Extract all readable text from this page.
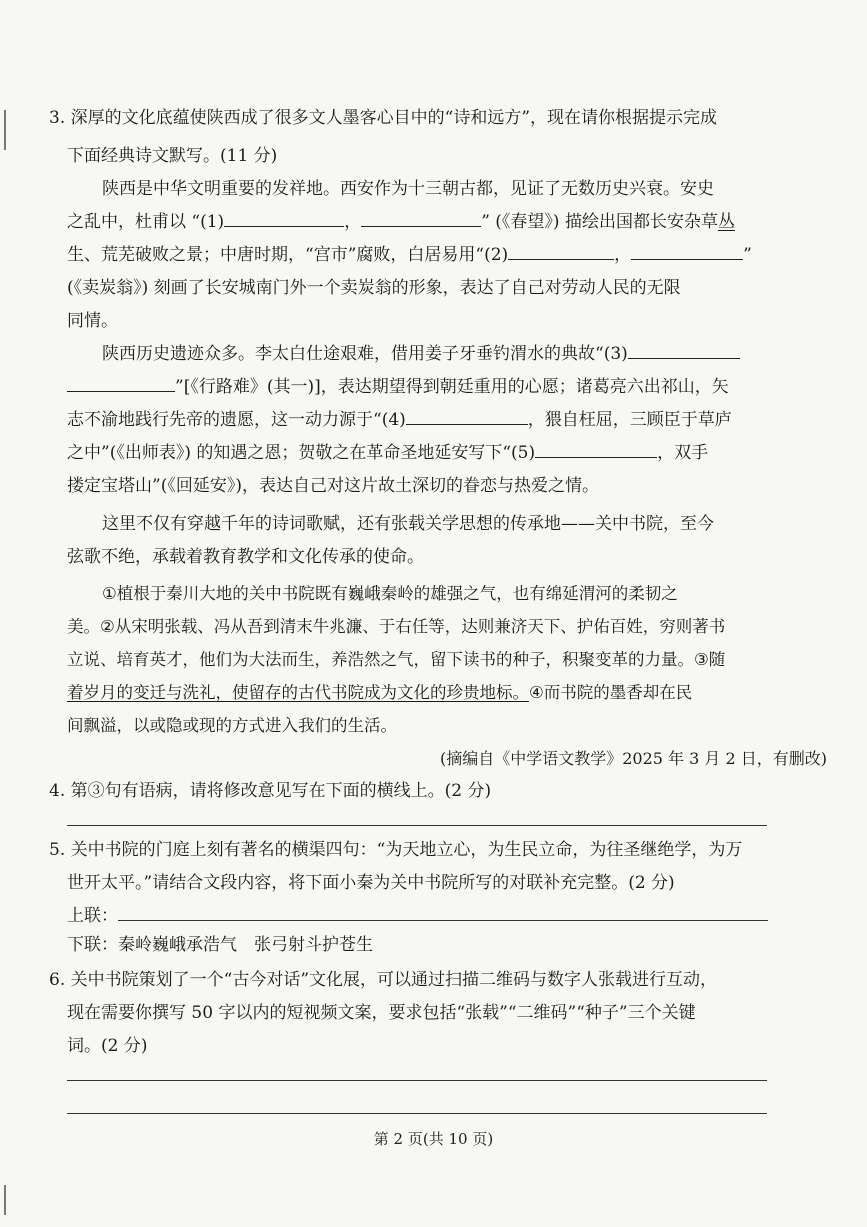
3. 深厚的文化底蕴使陕西成了很多文人墨客心目中的“诗和远方”，现在请你根据提示完成
下面经典诗文默写。(11 分)
陕西是中华文明重要的发祥地。西安作为十三朝古都，见证了无数历史兴衰。安史
之乱中，杜甫以 “(1)	，	” (《春望》) 描绘出国都长安杂草丛
生、荒芜破败之景；中唐时期，“宫市”腐败，白居易用“(2)	，	”
(《卖炭翁》) 刻画了长安城南门外一个卖炭翁的形象，表达了自己对劳动人民的无限
同情。
陕西历史遗迹众多。李太白仕途艰难，借用姜子牙垂钓渭水的典故“(3)
”[《行路难》(其一)]，表达期望得到朝廷重用的心愿；诸葛亮六出祁山，矢
志不渝地践行先帝的遗愿，这一动力源于“(4)	，猥自枉屈，三顾臣于草庐
之中”(《出师表》) 的知遇之恩；贺敬之在革命圣地延安写下“(5)	，双手
搂定宝塔山”(《回延安》)，表达自己对这片故土深切的眷恋与热爱之情。
这里不仅有穿越千年的诗词歌赋，还有张载关学思想的传承地——关中书院，至今
弦歌不绝，承载着教育教学和文化传承的使命。
①植根于秦川大地的关中书院既有巍峨秦岭的雄强之气，也有绵延渭河的柔韧之
美。②从宋明张载、冯从吾到清末牛兆濂、于右任等，达则兼济天下、护佑百姓，穷则著书
立说、培育英才，他们为大法而生，养浩然之气，留下读书的种子，积聚变革的力量。③随
着岁月的变迁与洗礼，使留存的古代书院成为文化的珍贵地标。④而书院的墨香却在民
间飘溢，以或隐或现的方式进入我们的生活。
(摘编自《中学语文教学》2025 年 3 月 2 日，有删改)
4. 第③句有语病，请将修改意见写在下面的横线上。(2 分)
5. 关中书院的门庭上刻有著名的横渠四句：“为天地立心，为生民立命，为往圣继绝学，为万
世开太平。”请结合文段内容，将下面小秦为关中书院所写的对联补充完整。(2 分)
上联：
下联：秦岭巍峨承浩气　张弓射斗护苍生
6. 关中书院策划了一个“古今对话”文化展，可以通过扫描二维码与数字人张载进行互动，
现在需要你撰写 50 字以内的短视频文案，要求包括“张载”“二维码”“种子”三个关键
词。(2 分)
第 2 页(共 10 页)
